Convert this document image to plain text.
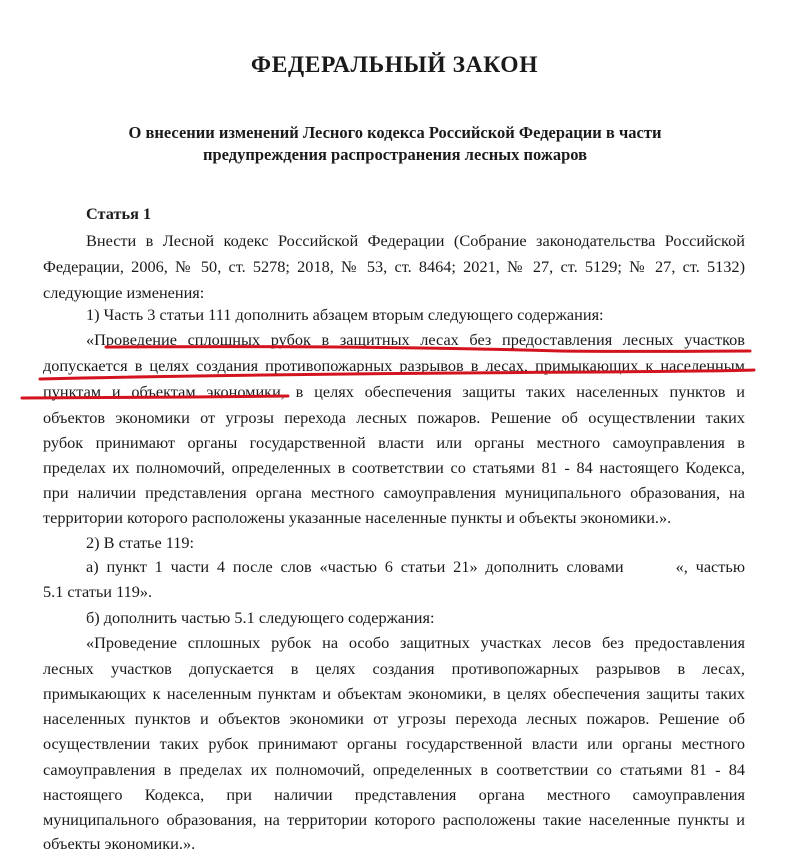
ФЕДЕРАЛЬНЫЙ ЗАКОН
О внесении изменений Лесного кодекса Российской Федерации в части
предупреждения распространения лесных пожаров

Статья 1

Внести в Лесной кодекс Российской Федерации (Собрание законодательства Российской

Федерации, 2006, № 50, ст. 5278; 2018, № 53, ст. 8464; 2021, № 27, ст. 5129; № 27, ст. 5132)

следующие изменения:

1) Часть 3 статьи 111 дополнить абзацем вторым следующего содержания:

«Проведение сплошных рубок в защитных лесах без предоставления лесных участков

допускается в целях создания противопожарных разрывов в лесах, примыкающих к населенным

пунктам и объектам экономики, в целях обеспечения защиты таких населенных пунктов и

объектов экономики от угрозы перехода лесных пожаров. Решение об осуществлении таких

рубок принимают органы государственной власти или органы местного самоуправления в

пределах их полномочий, определенных в соответствии со статьями 81 - 84 настоящего Кодекса,

при наличии представления органа местного самоуправления муниципального образования, на

территории которого расположены указанные населенные пункты и объекты экономики.».

2) В статье 119:

а) пункт 1 части 4 после слов «частью 6 статьи 21» дополнить словами	«, частью

5.1 статьи 119».

б) дополнить частью 5.1 следующего содержания:

«Проведение сплошных рубок на особо защитных участках лесов без предоставления

лесных участков допускается в целях создания противопожарных разрывов в лесах,

примыкающих к населенным пунктам и объектам экономики, в целях обеспечения защиты таких

населенных пунктов и объектов экономики от угрозы перехода лесных пожаров. Решение об

осуществлении таких рубок принимают органы государственной власти или органы местного

самоуправления в пределах их полномочий, определенных в соответствии со статьями 81 - 84

настоящего Кодекса, при наличии представления органа местного самоуправления

муниципального образования, на территории которого расположены такие населенные пункты и

объекты экономики.».
